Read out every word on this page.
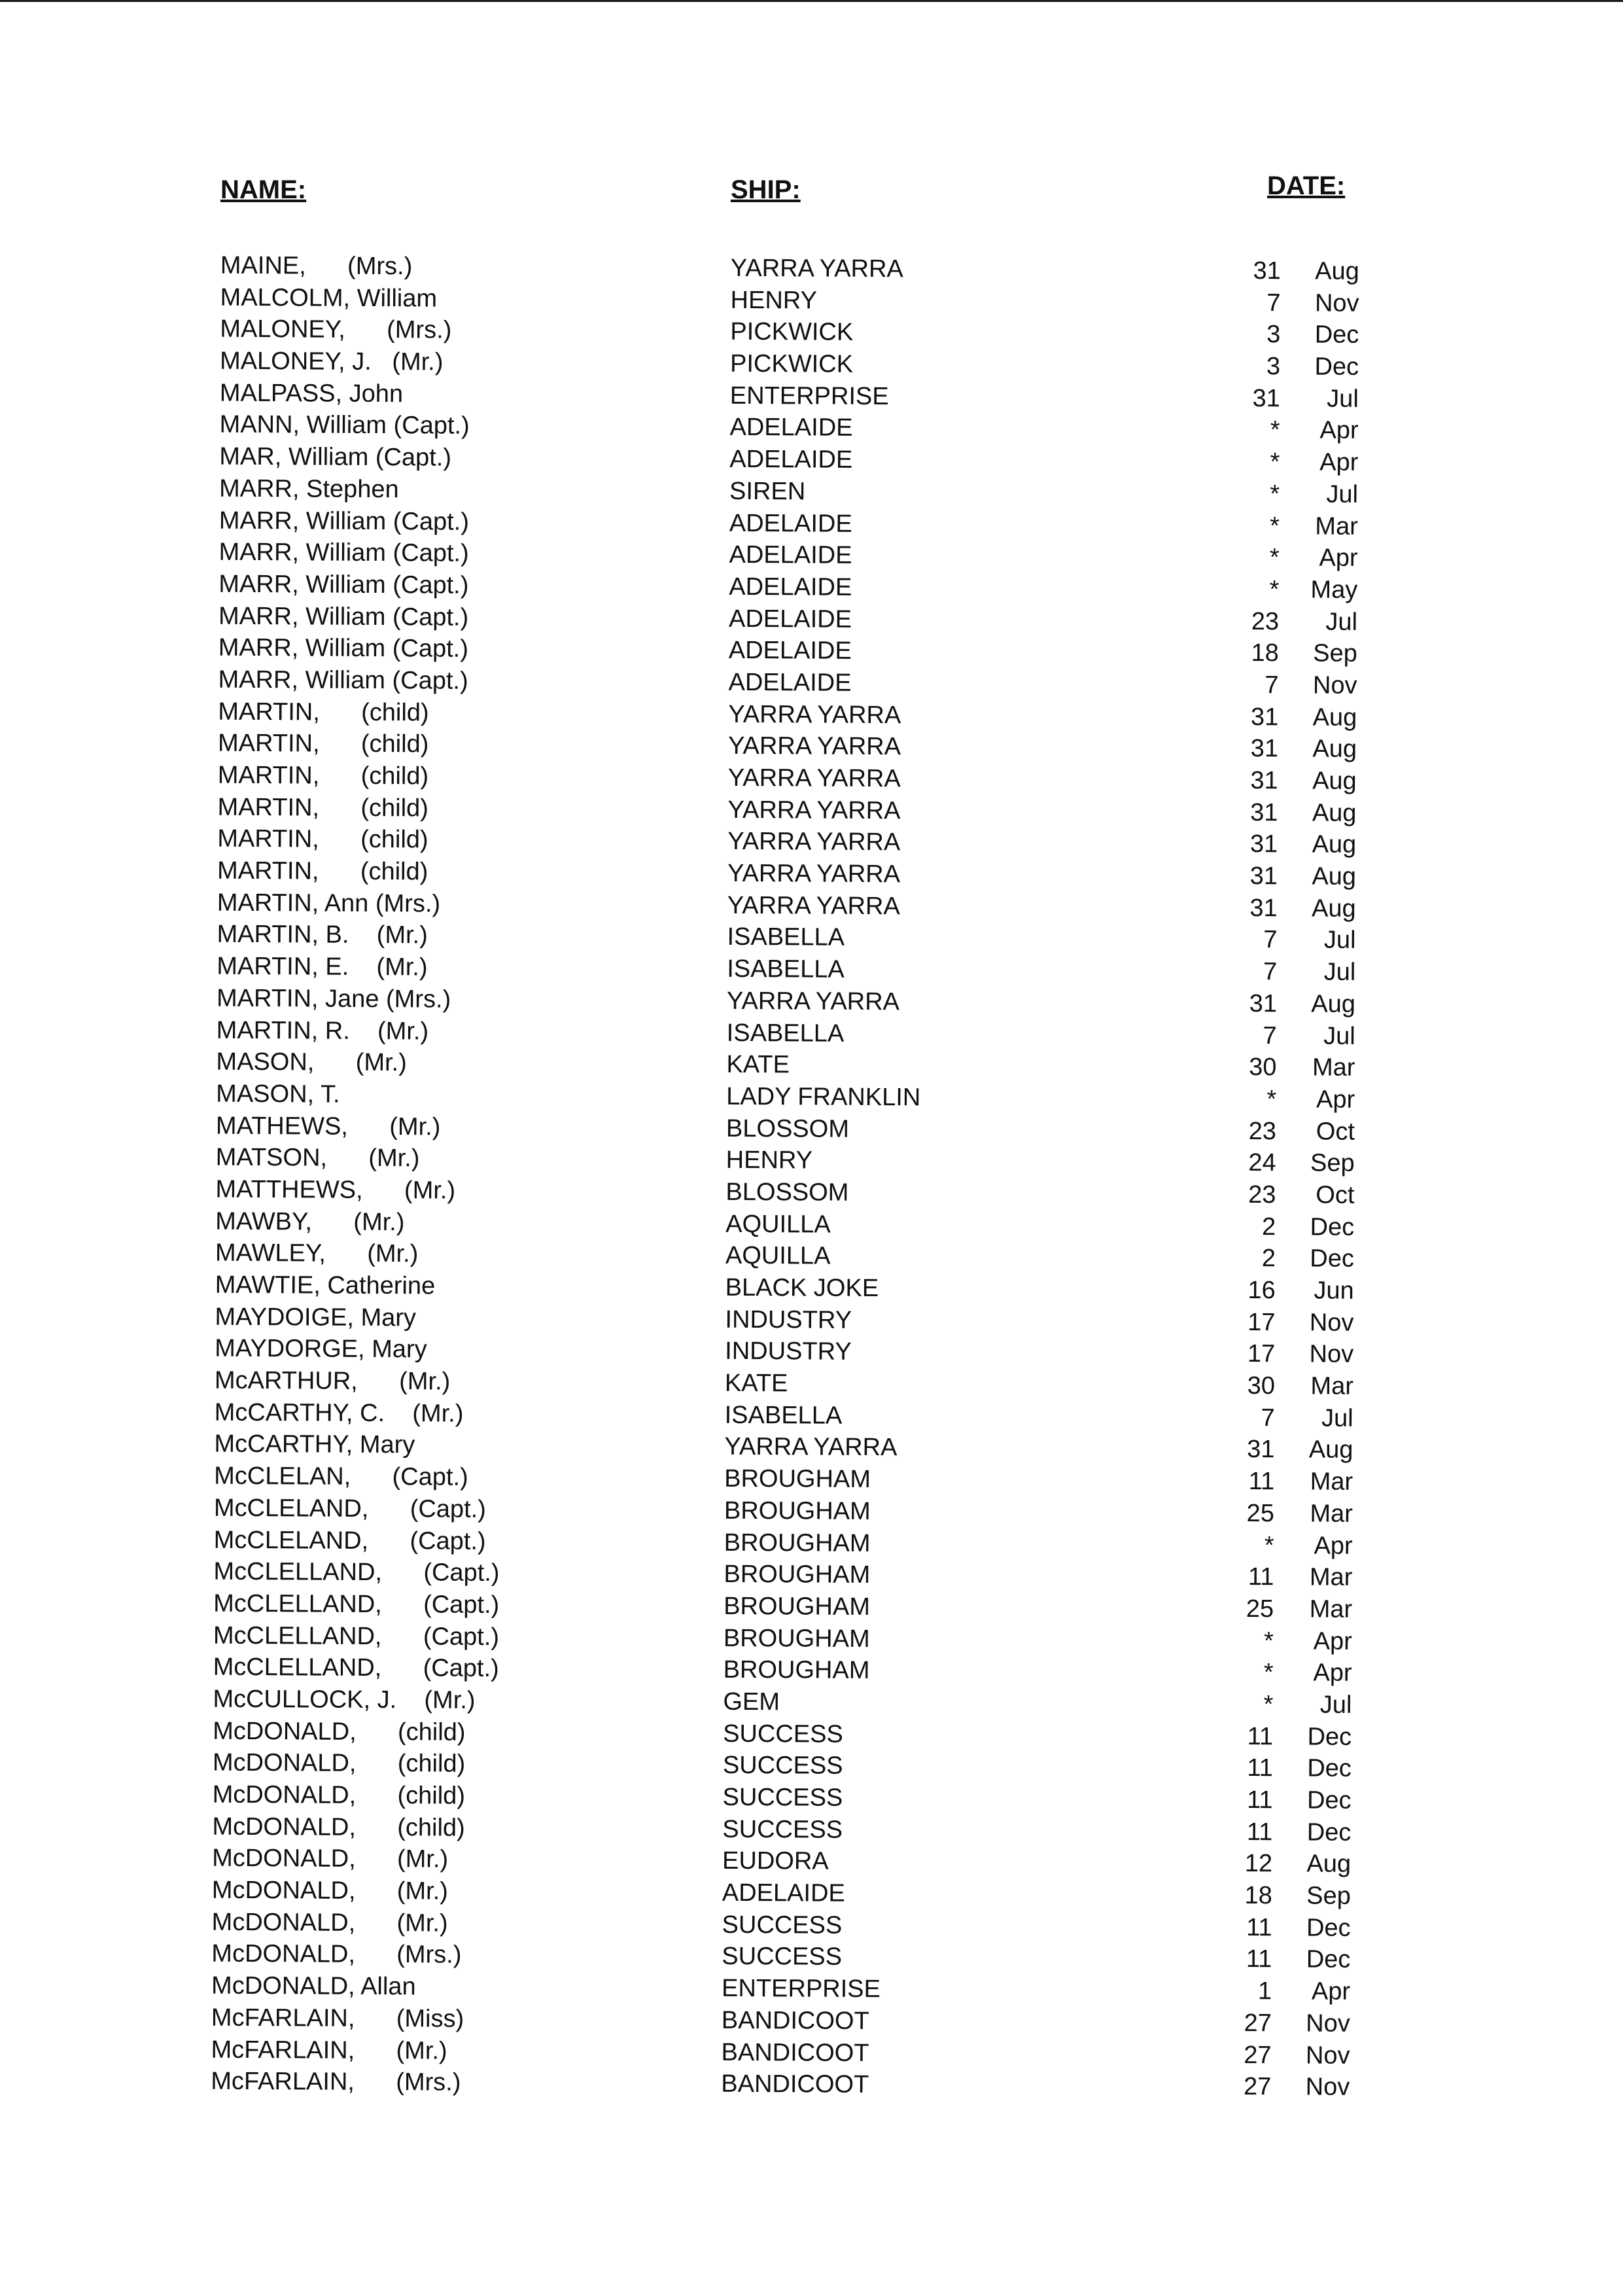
NAME:	SHIP:	DATE:
MAINE,      (Mrs.)	YARRA YARRA	31	Aug
MALCOLM, William	HENRY	7	Nov
MALONEY,      (Mrs.)	PICKWICK	3	Dec
MALONEY, J.   (Mr.)	PICKWICK	3	Dec
MALPASS, John	ENTERPRISE	31	Jul
MANN, William (Capt.)	ADELAIDE	*	Apr
MAR, William (Capt.)	ADELAIDE	*	Apr
MARR, Stephen	SIREN	*	Jul
MARR, William (Capt.)	ADELAIDE	*	Mar
MARR, William (Capt.)	ADELAIDE	*	Apr
MARR, William (Capt.)	ADELAIDE	*	May
MARR, William (Capt.)	ADELAIDE	23	Jul
MARR, William (Capt.)	ADELAIDE	18	Sep
MARR, William (Capt.)	ADELAIDE	7	Nov
MARTIN,      (child)	YARRA YARRA	31	Aug
MARTIN,      (child)	YARRA YARRA	31	Aug
MARTIN,      (child)	YARRA YARRA	31	Aug
MARTIN,      (child)	YARRA YARRA	31	Aug
MARTIN,      (child)	YARRA YARRA	31	Aug
MARTIN,      (child)	YARRA YARRA	31	Aug
MARTIN, Ann (Mrs.)	YARRA YARRA	31	Aug
MARTIN, B.    (Mr.)	ISABELLA	7	Jul
MARTIN, E.    (Mr.)	ISABELLA	7	Jul
MARTIN, Jane (Mrs.)	YARRA YARRA	31	Aug
MARTIN, R.    (Mr.)	ISABELLA	7	Jul
MASON,      (Mr.)	KATE	30	Mar
MASON, T.	LADY FRANKLIN	*	Apr
MATHEWS,      (Mr.)	BLOSSOM	23	Oct
MATSON,      (Mr.)	HENRY	24	Sep
MATTHEWS,      (Mr.)	BLOSSOM	23	Oct
MAWBY,      (Mr.)	AQUILLA	2	Dec
MAWLEY,      (Mr.)	AQUILLA	2	Dec
MAWTIE, Catherine	BLACK JOKE	16	Jun
MAYDOIGE, Mary	INDUSTRY	17	Nov
MAYDORGE, Mary	INDUSTRY	17	Nov
McARTHUR,      (Mr.)	KATE	30	Mar
McCARTHY, C.    (Mr.)	ISABELLA	7	Jul
McCARTHY, Mary	YARRA YARRA	31	Aug
McCLELAN,      (Capt.)	BROUGHAM	11	Mar
McCLELAND,      (Capt.)	BROUGHAM	25	Mar
McCLELAND,      (Capt.)	BROUGHAM	*	Apr
McCLELLAND,      (Capt.)	BROUGHAM	11	Mar
McCLELLAND,      (Capt.)	BROUGHAM	25	Mar
McCLELLAND,      (Capt.)	BROUGHAM	*	Apr
McCLELLAND,      (Capt.)	BROUGHAM	*	Apr
McCULLOCK, J.    (Mr.)	GEM	*	Jul
McDONALD,      (child)	SUCCESS	11	Dec
McDONALD,      (child)	SUCCESS	11	Dec
McDONALD,      (child)	SUCCESS	11	Dec
McDONALD,      (child)	SUCCESS	11	Dec
McDONALD,      (Mr.)	EUDORA	12	Aug
McDONALD,      (Mr.)	ADELAIDE	18	Sep
McDONALD,      (Mr.)	SUCCESS	11	Dec
McDONALD,      (Mrs.)	SUCCESS	11	Dec
McDONALD, Allan	ENTERPRISE	1	Apr
McFARLAIN,      (Miss)	BANDICOOT	27	Nov
McFARLAIN,      (Mr.)	BANDICOOT	27	Nov
McFARLAIN,      (Mrs.)	BANDICOOT	27	Nov
